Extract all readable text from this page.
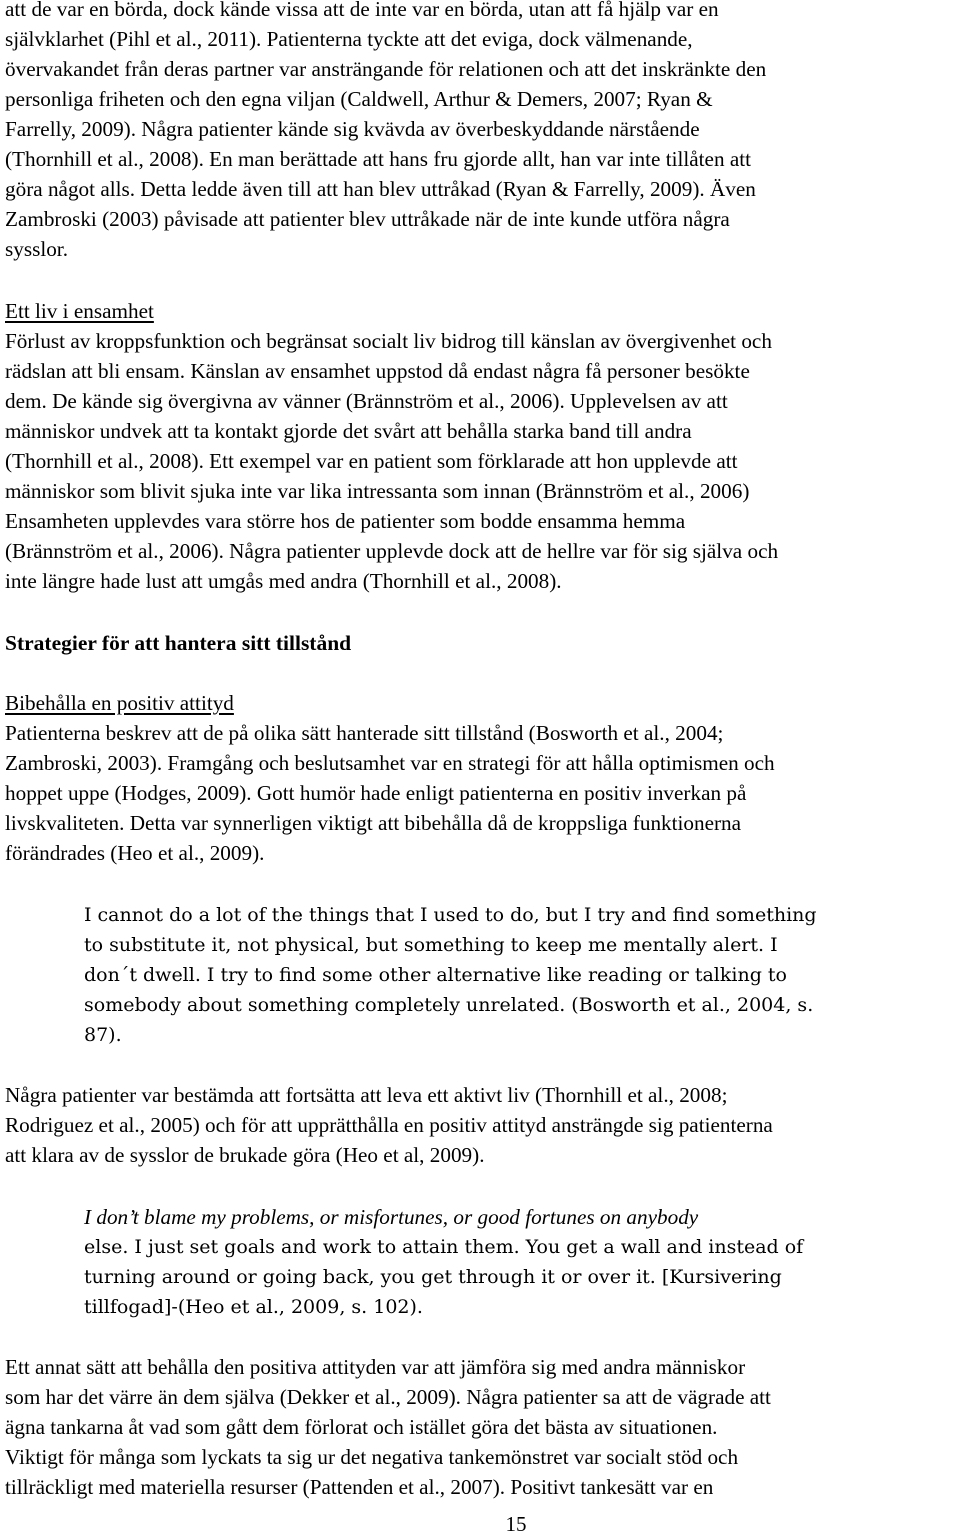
att de var en börda, dock kände vissa att de inte var en börda, utan att få hjälp var en
självklarhet (Pihl et al., 2011). Patienterna tyckte att det eviga, dock välmenande,
övervakandet från deras partner var ansträngande för relationen och att det inskränkte den
personliga friheten och den egna viljan (Caldwell, Arthur & Demers, 2007; Ryan &
Farrelly, 2009). Några patienter kände sig kvävda av överbeskyddande närstående
(Thornhill et al., 2008). En man berättade att hans fru gjorde allt, han var inte tillåten att
göra något alls. Detta ledde även till att han blev uttråkad (Ryan & Farrelly, 2009). Även
Zambroski (2003) påvisade att patienter blev uttråkade när de inte kunde utföra några
sysslor.
Ett liv i ensamhet
Förlust av kroppsfunktion och begränsat socialt liv bidrog till känslan av övergivenhet och
rädslan att bli ensam. Känslan av ensamhet uppstod då endast några få personer besökte
dem. De kände sig övergivna av vänner (Brännström et al., 2006). Upplevelsen av att
människor undvek att ta kontakt gjorde det svårt att behålla starka band till andra
(Thornhill et al., 2008). Ett exempel var en patient som förklarade att hon upplevde att
människor som blivit sjuka inte var lika intressanta som innan (Brännström et al., 2006)
Ensamheten upplevdes vara större hos de patienter som bodde ensamma hemma
(Brännström et al., 2006). Några patienter upplevde dock att de hellre var för sig själva och
inte längre hade lust att umgås med andra (Thornhill et al., 2008).
Strategier för att hantera sitt tillstånd
Bibehålla en positiv attityd
Patienterna beskrev att de på olika sätt hanterade sitt tillstånd (Bosworth et al., 2004;
Zambroski, 2003). Framgång och beslutsamhet var en strategi för att hålla optimismen och
hoppet uppe (Hodges, 2009). Gott humör hade enligt patienterna en positiv inverkan på
livskvaliteten. Detta var synnerligen viktigt att bibehålla då de kroppsliga funktionerna
förändrades (Heo et al., 2009).
I cannot do a lot of the things that I used to do, but I try and find something
to substitute it, not physical, but something to keep me mentally alert. I
don´t dwell. I try to find some other alternative like reading or talking to
somebody about something completely unrelated. (Bosworth et al., 2004, s.
87).
Några patienter var bestämda att fortsätta att leva ett aktivt liv (Thornhill et al., 2008;
Rodriguez et al., 2005) och för att upprätthålla en positiv attityd ansträngde sig patienterna
att klara av de sysslor de brukade göra (Heo et al, 2009).
I don’t blame my problems, or misfortunes, or good fortunes on anybody
else. I just set goals and work to attain them. You get a wall and instead of
turning around or going back, you get through it or over it. [Kursivering
tillfogad]-(Heo et al., 2009, s. 102).
Ett annat sätt att behålla den positiva attityden var att jämföra sig med andra människor
som har det värre än dem själva (Dekker et al., 2009). Några patienter sa att de vägrade att
ägna tankarna åt vad som gått dem förlorat och istället göra det bästa av situationen.
Viktigt för många som lyckats ta sig ur det negativa tankemönstret var socialt stöd och
tillräckligt med materiella resurser (Pattenden et al., 2007). Positivt tankesätt var en
15
